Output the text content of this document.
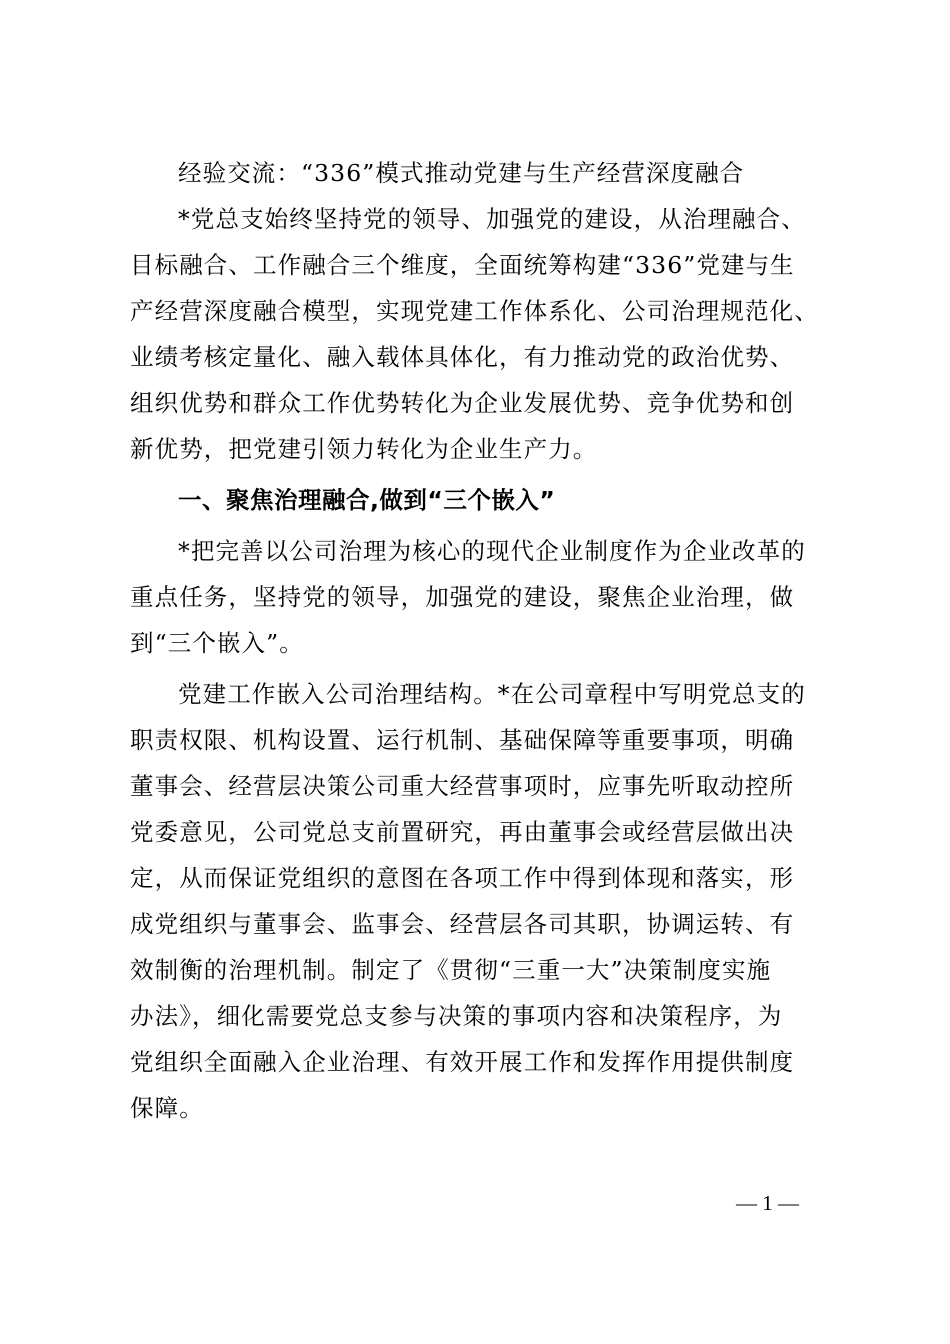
经验交流：“336”模式推动党建与生产经营深度融合
*党总支始终坚持党的领导、加强党的建设，从治理融合、
目标融合、工作融合三个维度，全面统筹构建“336”党建与生
产经营深度融合模型，实现党建工作体系化、公司治理规范化、
业绩考核定量化、融入载体具体化，有力推动党的政治优势、
组织优势和群众工作优势转化为企业发展优势、竞争优势和创
新优势，把党建引领力转化为企业生产力。
一、聚焦治理融合,做到“三个嵌入”
*把完善以公司治理为核心的现代企业制度作为企业改革的
重点任务，坚持党的领导，加强党的建设，聚焦企业治理，做
到“三个嵌入”。
党建工作嵌入公司治理结构。*在公司章程中写明党总支的
职责权限、机构设置、运行机制、基础保障等重要事项，明确
董事会、经营层决策公司重大经营事项时，应事先听取动控所
党委意见，公司党总支前置研究，再由董事会或经营层做出决
定，从而保证党组织的意图在各项工作中得到体现和落实，形
成党组织与董事会、监事会、经营层各司其职，协调运转、有
效制衡的治理机制。制定了《贯彻“三重一大”决策制度实施
办法》，细化需要党总支参与决策的事项内容和决策程序，为
党组织全面融入企业治理、有效开展工作和发挥作用提供制度
保障。
— 1 —
